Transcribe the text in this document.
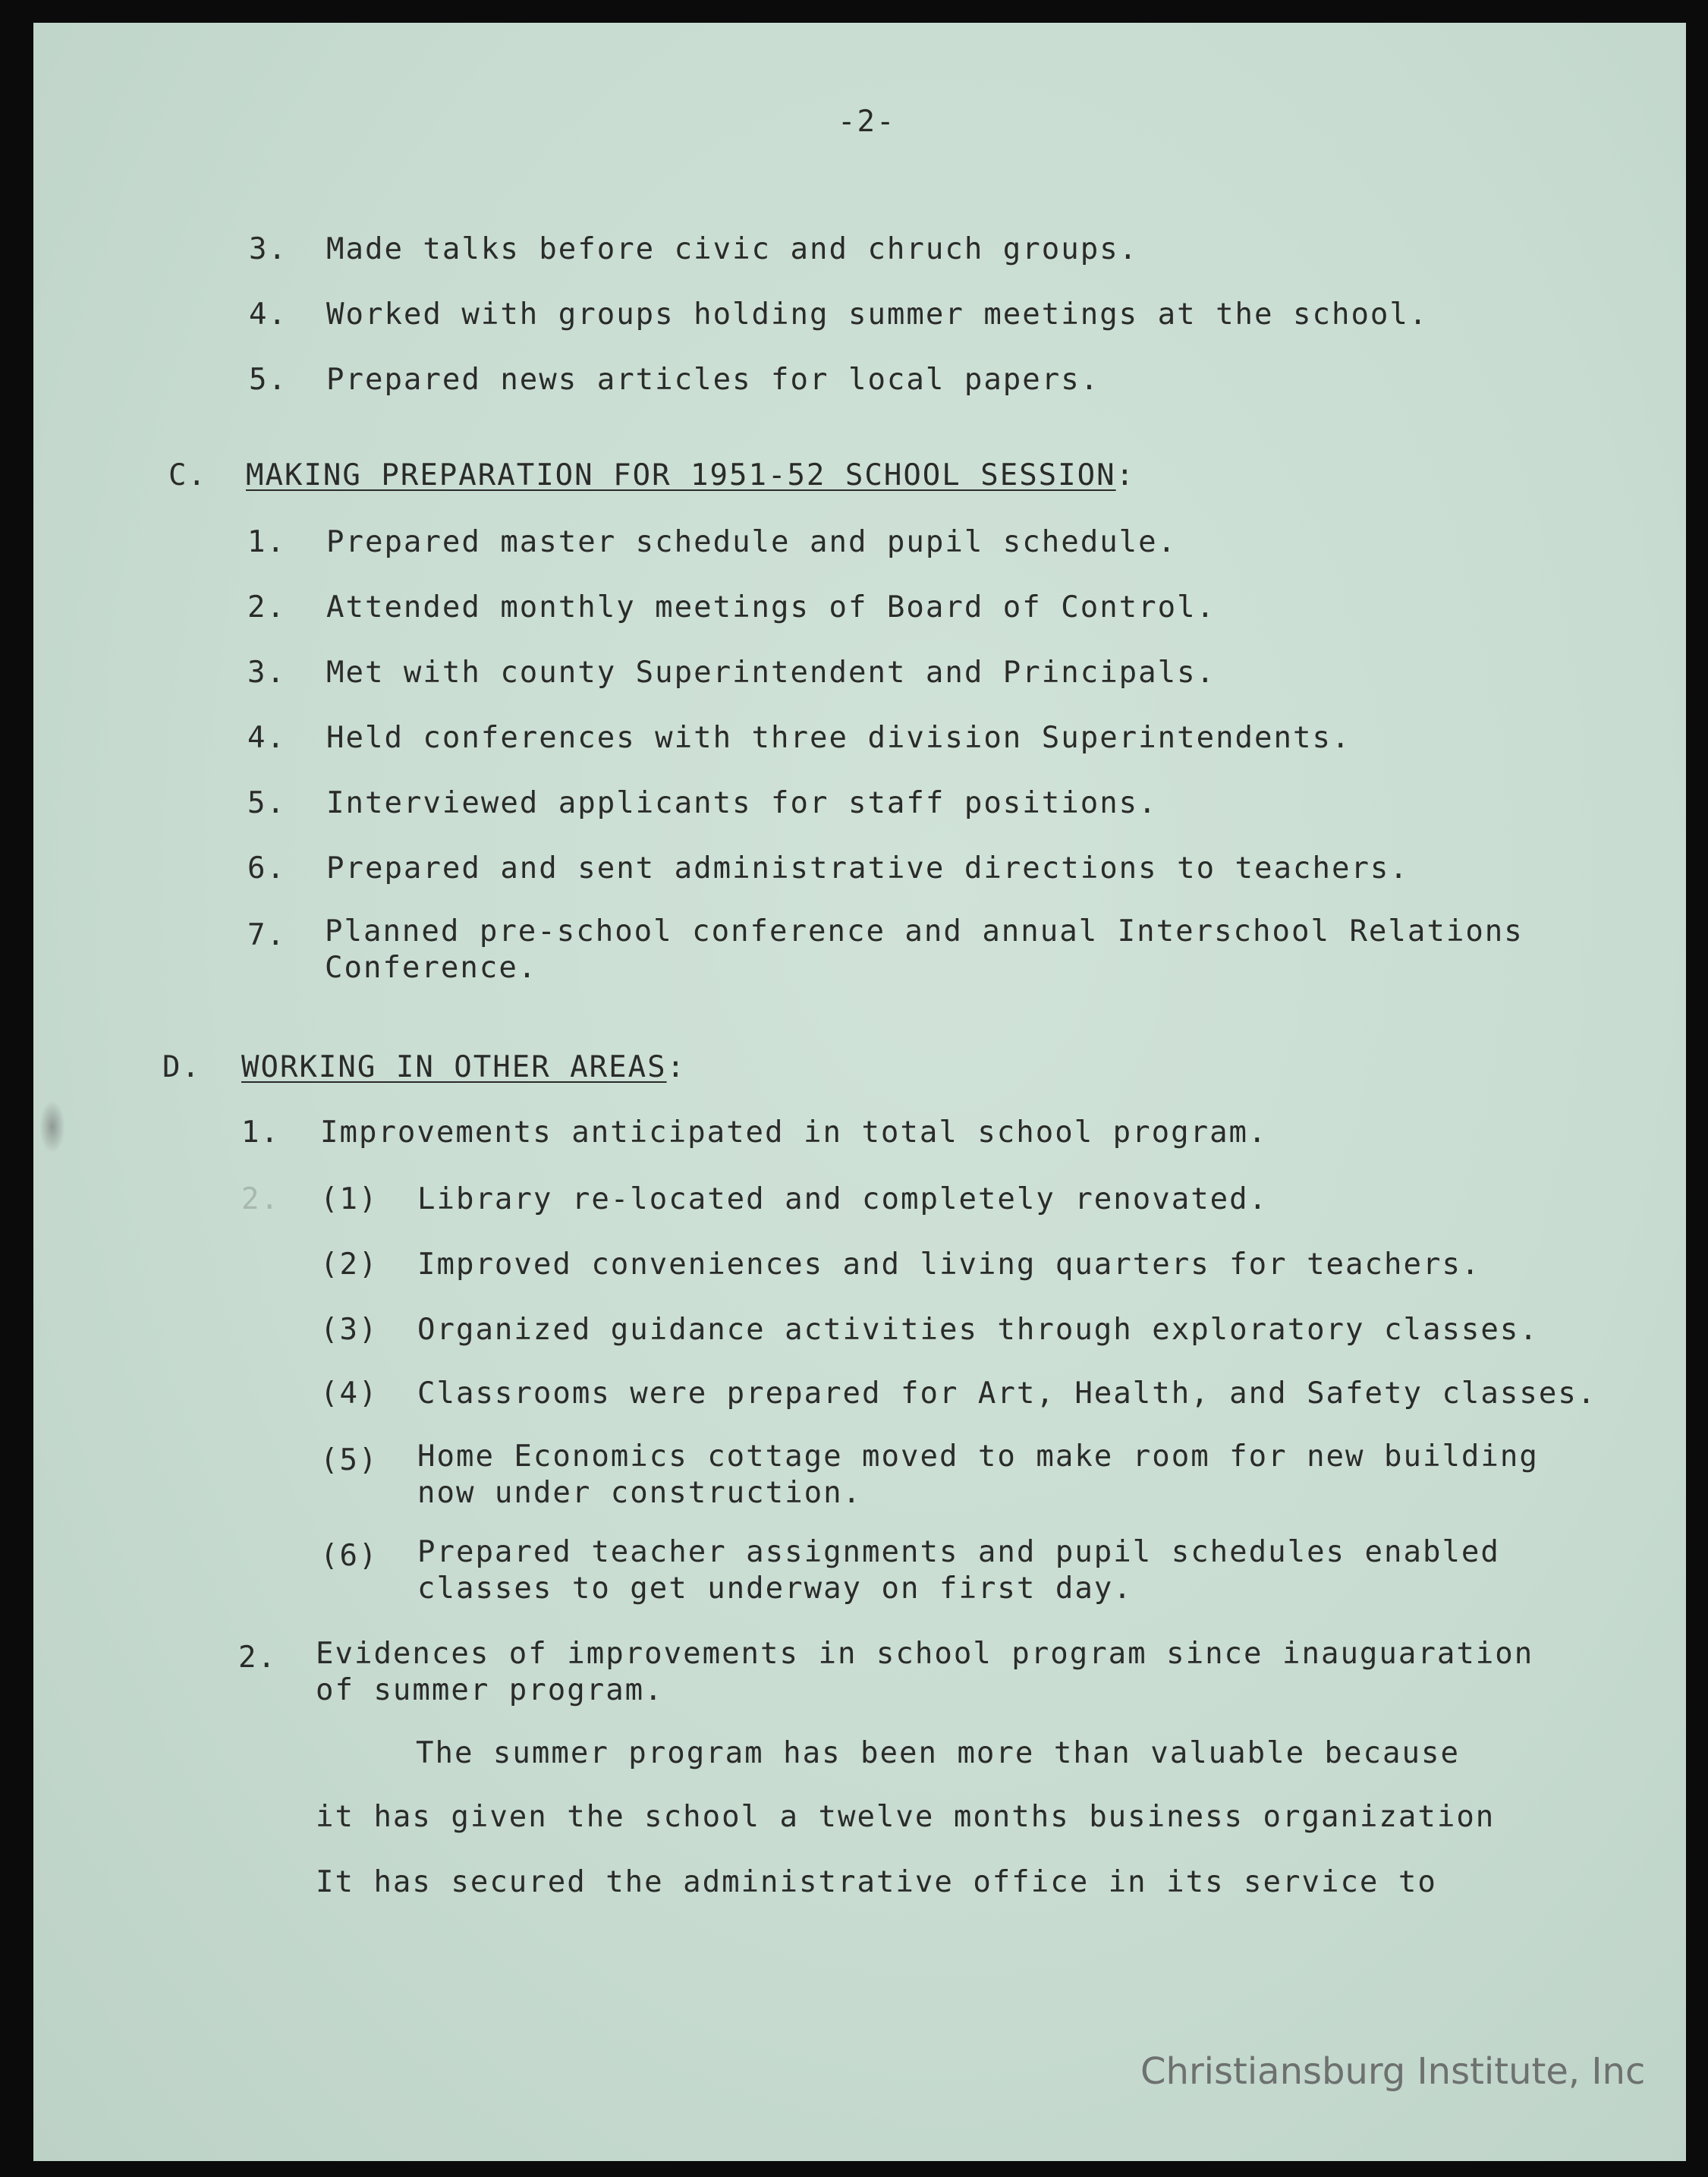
-2-
3. Made talks before civic and chruch groups.
4. Worked with groups holding summer meetings at the school.
5. Prepared news articles for local papers.
C. MAKING PREPARATION FOR 1951-52 SCHOOL SESSION:
1. Prepared master schedule and pupil schedule.
2. Attended monthly meetings of Board of Control.
3. Met with county Superintendent and Principals.
4. Held conferences with three division Superintendents.
5. Interviewed applicants for staff positions.
6. Prepared and sent administrative directions to teachers.
7. Planned pre-school conference and annual Interschool Relations
Conference.
D. WORKING IN OTHER AREAS:
1. Improvements anticipated in total school program.
2. (1) Library re-located and completely renovated.
(2) Improved conveniences and living quarters for teachers.
(3) Organized guidance activities through exploratory classes.
(4) Classrooms were prepared for Art, Health, and Safety classes.
(5) Home Economics cottage moved to make room for new building
now under construction.
(6) Prepared teacher assignments and pupil schedules enabled
classes to get underway on first day.
2. Evidences of improvements in school program since inauguaration
of summer program.
The summer program has been more than valuable because
it has given the school a twelve months business organization
It has secured the administrative office in its service to
Christiansburg Institute, Inc
